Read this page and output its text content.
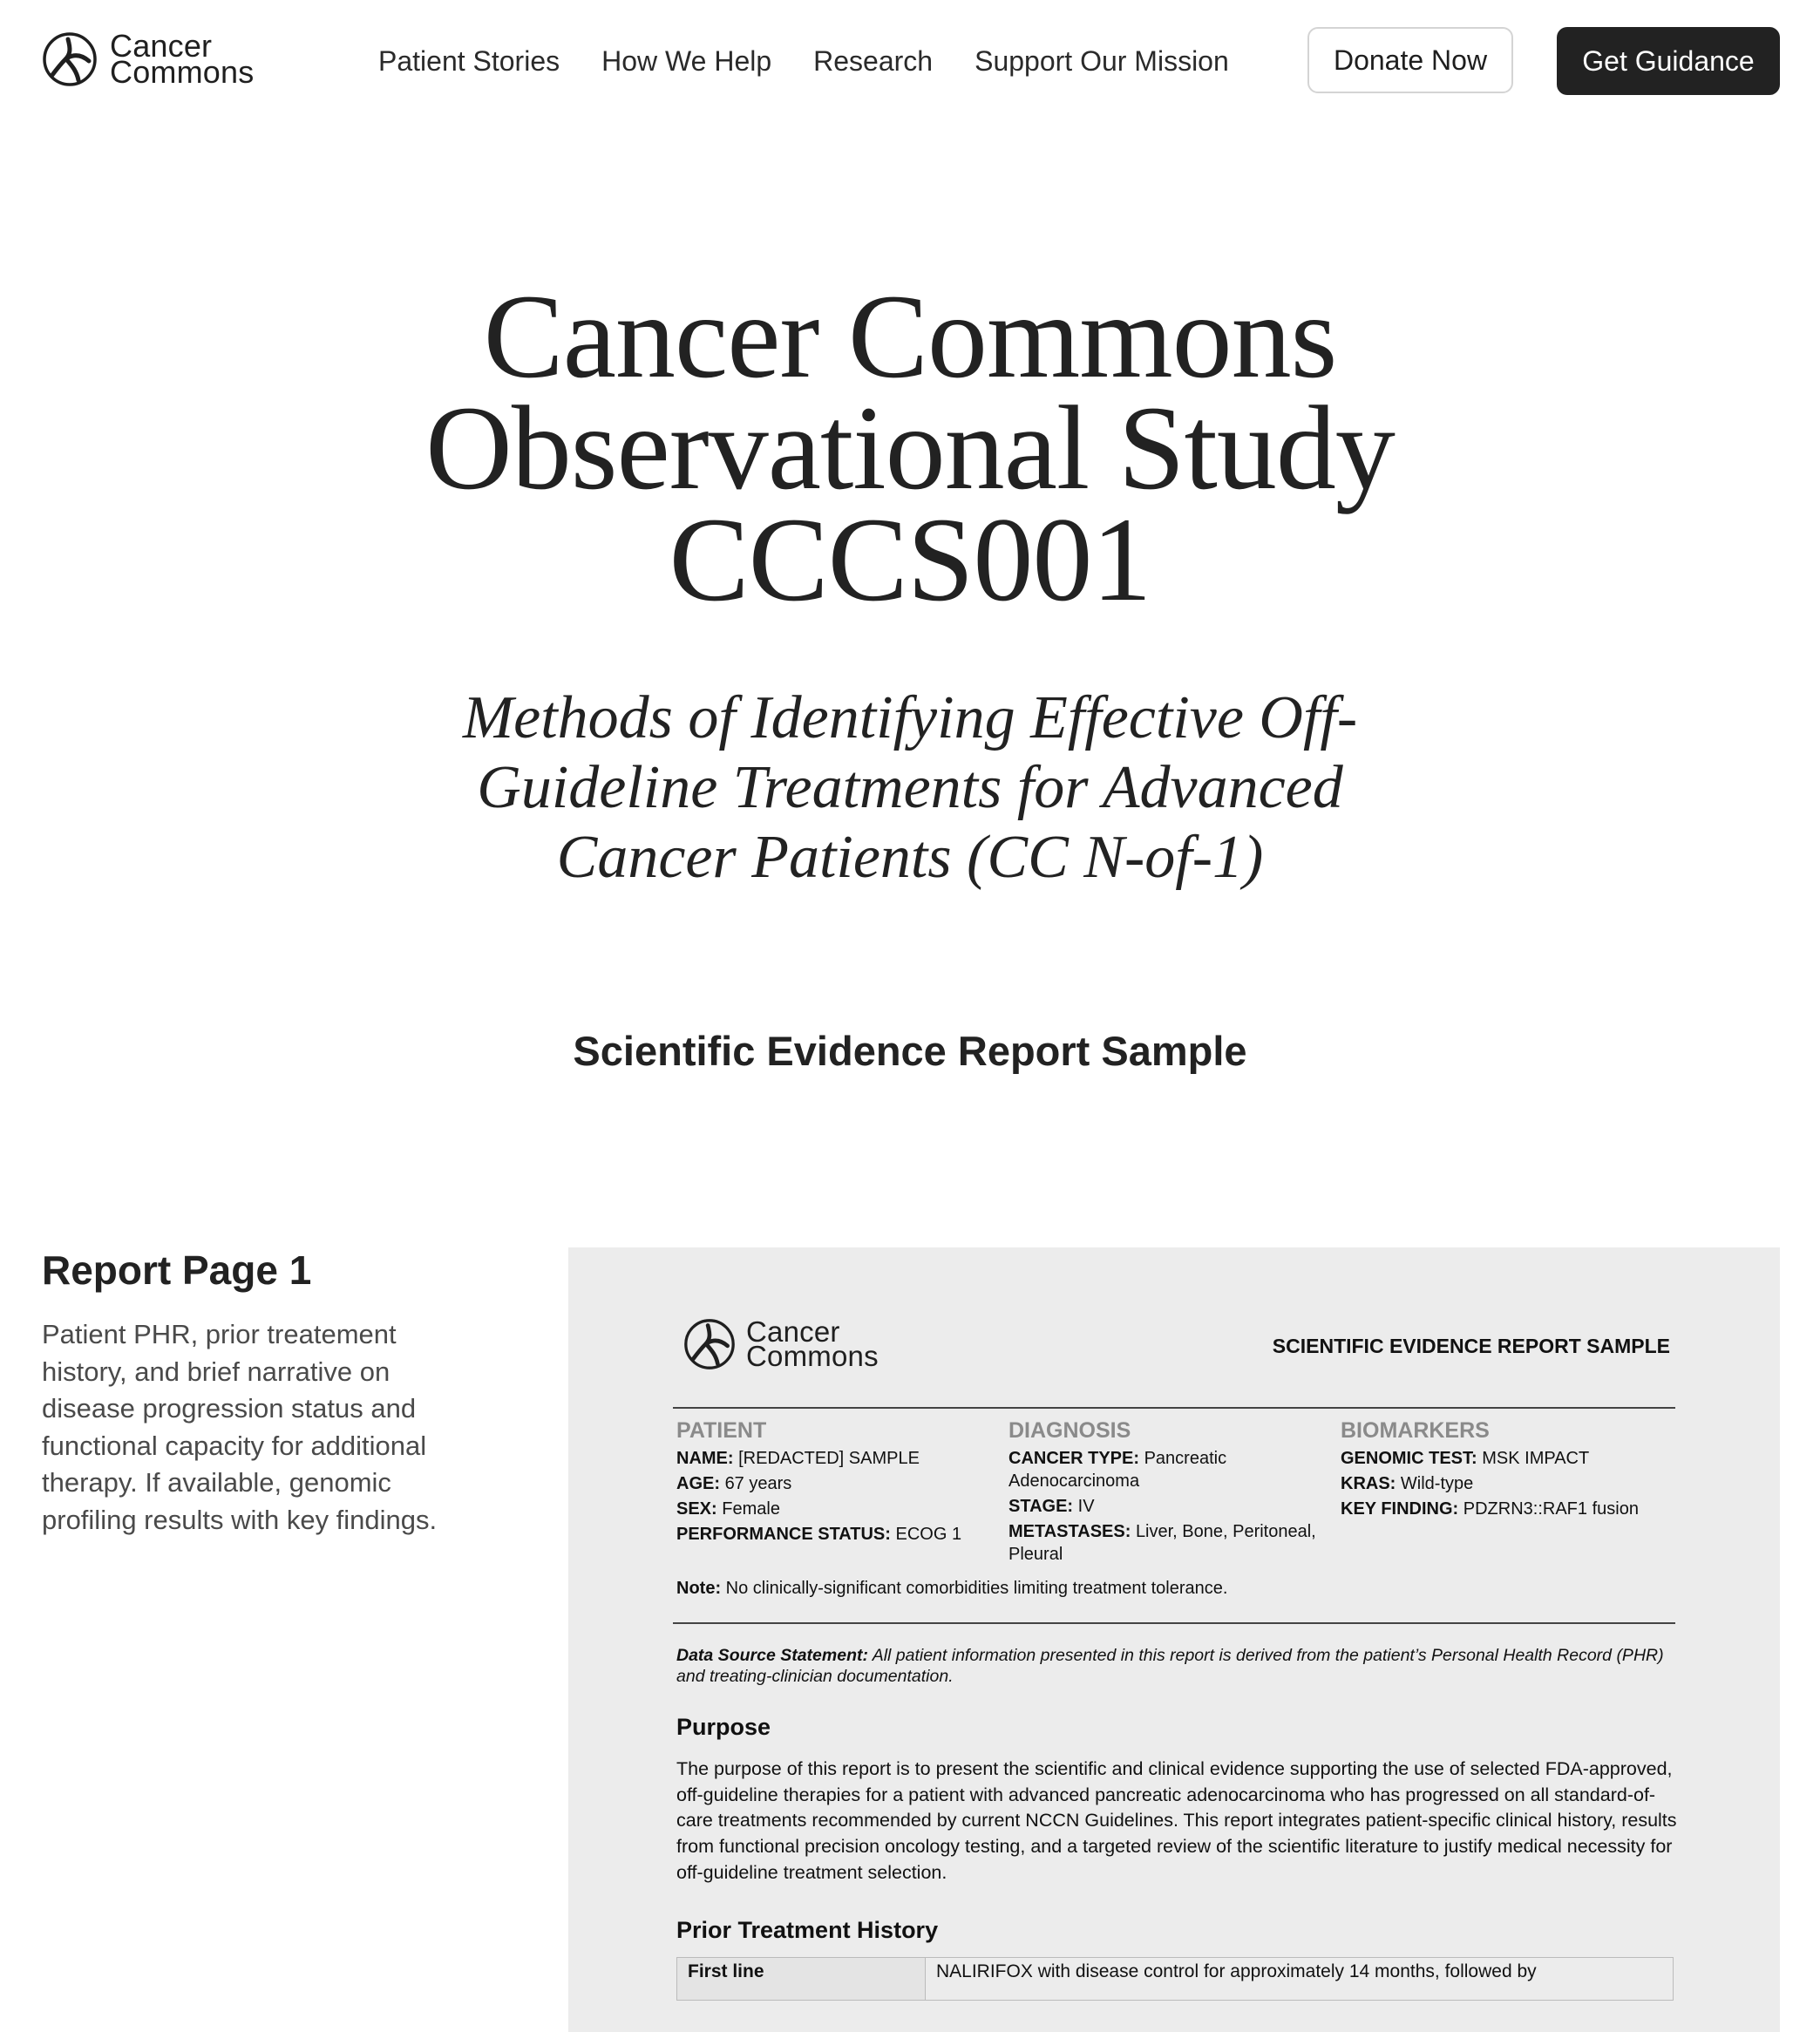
Cancer
Commons	Patient Stories How We Help Research Support Our Mission	Donate Now	Get Guidance
Cancer Commons Observational Study CCCS001
Methods of Identifying Effective Off-Guideline Treatments for Advanced Cancer Patients (CC N-of-1)
Scientific Evidence Report Sample
Report Page 1

Patient PHR, prior treatement history, and brief narrative on disease progression status and functional capacity for additional therapy. If available, genomic profiling results with key findings.

Cancer
Commons	SCIENTIFIC EVIDENCE REPORT SAMPLE
PATIENT
NAME: [REDACTED] SAMPLE
AGE: 67 years
SEX: Female
PERFORMANCE STATUS: ECOG 1
DIAGNOSIS
CANCER TYPE: Pancreatic Adenocarcinoma
STAGE: IV
METASTASES: Liver, Bone, Peritoneal, Pleural
BIOMARKERS
GENOMIC TEST: MSK IMPACT
KRAS: Wild-type
KEY FINDING: PDZRN3::RAF1 fusion
Note: No clinically-significant comorbidities limiting treatment tolerance.
Data Source Statement: All patient information presented in this report is derived from the patient’s Personal Health Record (PHR) and treating-clinician documentation.
Purpose

The purpose of this report is to present the scientific and clinical evidence supporting the use of selected FDA-approved, off-guideline therapies for a patient with advanced pancreatic adenocarcinoma who has progressed on all standard-of-care treatments recommended by current NCCN Guidelines. This report integrates patient-specific clinical history, results from functional precision oncology testing, and a targeted review of the scientific literature to justify medical necessity for off-guideline treatment selection.

Prior Treatment History
First line	NALIRIFOX with disease control for approximately 14 months, followed by
